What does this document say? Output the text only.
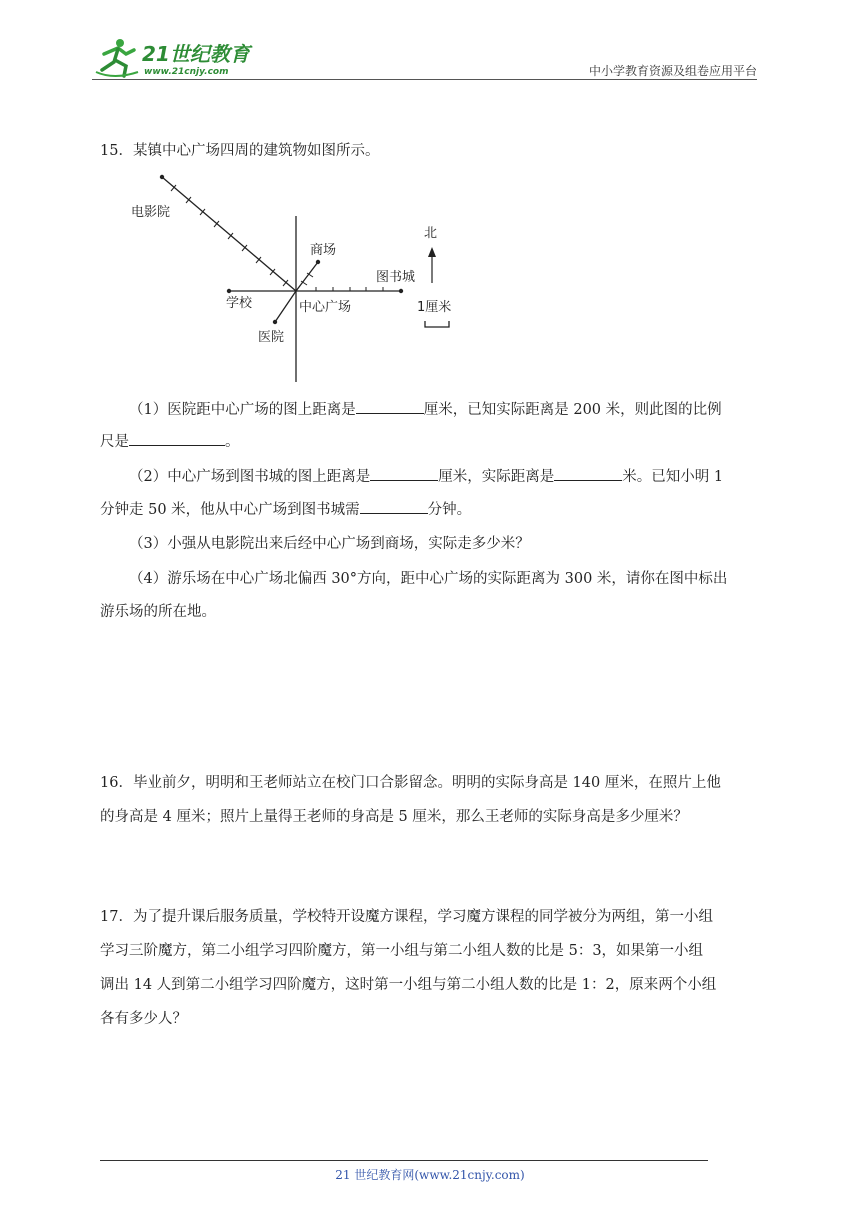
21世纪教育
www.21cnjy.com	中小学教育资源及组卷应用平台
15．某镇中心广场四周的建筑物如图所示。
电影院
商场
图书城
学校	中心广场
医院
北
1厘米
（1）医院距中心广场的图上距离是	厘米，已知实际距离是 200 米，则此图的比例
尺是	。
（2）中心广场到图书城的图上距离是	厘米，实际距离是	米。已知小明 1
分钟走 50 米，他从中心广场到图书城需	分钟。
（3）小强从电影院出来后经中心广场到商场，实际走多少米？
（4）游乐场在中心广场北偏西 30°方向，距中心广场的实际距离为 300 米，请你在图中标出
游乐场的所在地。
16．毕业前夕，明明和王老师站立在校门口合影留念。明明的实际身高是 140 厘米，在照片上他
的身高是 4 厘米；照片上量得王老师的身高是 5 厘米，那么王老师的实际身高是多少厘米？
17．为了提升课后服务质量，学校特开设魔方课程，学习魔方课程的同学被分为两组，第一小组
学习三阶魔方，第二小组学习四阶魔方，第一小组与第二小组人数的比是 5：3，如果第一小组
调出 14 人到第二小组学习四阶魔方，这时第一小组与第二小组人数的比是 1：2，原来两个小组
各有多少人？
21 世纪教育网(www.21cnjy.com)
